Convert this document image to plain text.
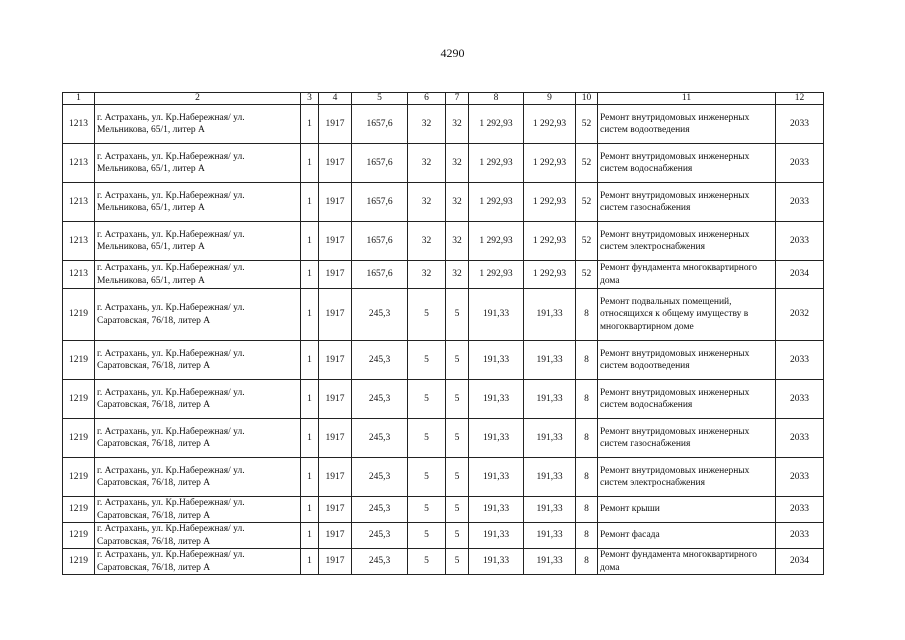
4290
1	2	3	4	5	6	7	8	9	10	11	12
1213	г. Астрахань, ул. Кр.Набережная/ ул. Мельникова, 65/1, литер А	1	1917	1657,6	32	32	1 292,93	1 292,93	52	Ремонт внутридомовых инженерных систем водоотведения	2033
1213	г. Астрахань, ул. Кр.Набережная/ ул. Мельникова, 65/1, литер А	1	1917	1657,6	32	32	1 292,93	1 292,93	52	Ремонт внутридомовых инженерных систем водоснабжения	2033
1213	г. Астрахань, ул. Кр.Набережная/ ул. Мельникова, 65/1, литер А	1	1917	1657,6	32	32	1 292,93	1 292,93	52	Ремонт внутридомовых инженерных систем газоснабжения	2033
1213	г. Астрахань, ул. Кр.Набережная/ ул. Мельникова, 65/1, литер А	1	1917	1657,6	32	32	1 292,93	1 292,93	52	Ремонт внутридомовых инженерных систем электроснабжения	2033
1213	г. Астрахань, ул. Кр.Набережная/ ул. Мельникова, 65/1, литер А	1	1917	1657,6	32	32	1 292,93	1 292,93	52	Ремонт фундамента многоквартирного дома	2034
1219	г. Астрахань, ул. Кр.Набережная/ ул. Саратовская, 76/18, литер А	1	1917	245,3	5	5	191,33	191,33	8	Ремонт подвальных помещений, относящихся к общему имуществу в многоквартирном доме	2032
1219	г. Астрахань, ул. Кр.Набережная/ ул. Саратовская, 76/18, литер А	1	1917	245,3	5	5	191,33	191,33	8	Ремонт внутридомовых инженерных систем водоотведения	2033
1219	г. Астрахань, ул. Кр.Набережная/ ул. Саратовская, 76/18, литер А	1	1917	245,3	5	5	191,33	191,33	8	Ремонт внутридомовых инженерных систем водоснабжения	2033
1219	г. Астрахань, ул. Кр.Набережная/ ул. Саратовская, 76/18, литер А	1	1917	245,3	5	5	191,33	191,33	8	Ремонт внутридомовых инженерных систем газоснабжения	2033
1219	г. Астрахань, ул. Кр.Набережная/ ул. Саратовская, 76/18, литер А	1	1917	245,3	5	5	191,33	191,33	8	Ремонт внутридомовых инженерных систем электроснабжения	2033
1219	г. Астрахань, ул. Кр.Набережная/ ул. Саратовская, 76/18, литер А	1	1917	245,3	5	5	191,33	191,33	8	Ремонт крыши	2033
1219	г. Астрахань, ул. Кр.Набережная/ ул. Саратовская, 76/18, литер А	1	1917	245,3	5	5	191,33	191,33	8	Ремонт фасада	2033
1219	г. Астрахань, ул. Кр.Набережная/ ул. Саратовская, 76/18, литер А	1	1917	245,3	5	5	191,33	191,33	8	Ремонт фундамента многоквартирного дома	2034
